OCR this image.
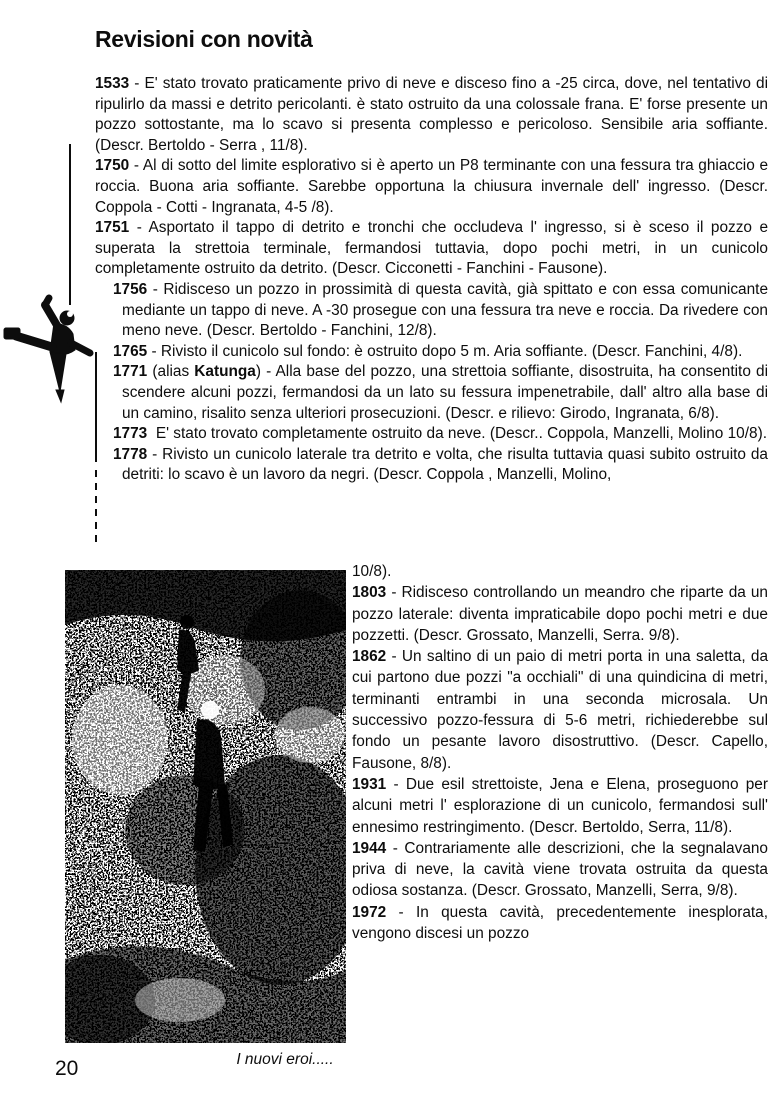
Revisioni con novità

1533 - E' stato trovato praticamente privo di neve e disceso fino a -25 circa, dove, nel tentativo di ripulirlo da massi e detrito pericolanti. è stato ostruito da una colossale frana. E' forse presente un pozzo sottostante, ma lo scavo si presenta complesso e pericoloso. Sensibile aria soffiante. (Descr. Bertoldo - Serra , 11/8).

1750 - Al di sotto del limite esplorativo si è aperto un P8 terminante con una fessura tra ghiaccio e roccia. Buona aria soffiante. Sarebbe opportuna la chiusura invernale dell' ingresso. (Descr. Coppola - Cotti - Ingranata, 4-5 /8).

1751 - Asportato il tappo di detrito e tronchi che occludeva l' ingresso, si è sceso il pozzo e superata la strettoia terminale, fermandosi tuttavia, dopo pochi metri, in un cunicolo completamente ostruito da detrito. (Descr. Cicconetti - Fanchini - Fausone).

1756 - Ridisceso un pozzo in prossimità di questa cavità, già spittato e con essa comunicante mediante un tappo di neve. A -30 prosegue con una fessura tra neve e roccia. Da rivedere con meno neve. (Descr. Bertoldo - Fanchini, 12/8).

1765 - Rivisto il cunicolo sul fondo: è ostruito dopo 5 m. Aria soffiante. (Descr. Fanchini, 4/8).

1771 (alias Katunga) - Alla base del pozzo, una strettoia soffiante, disostruita, ha consentito di scendere alcuni pozzi, fermandosi da un lato su fessura impenetrabile, dall' altro alla base di un camino, risalito senza ulteriori prosecuzioni. (Descr. e rilievo: Girodo, Ingranata, 6/8).

1773 E' stato trovato completamente ostruito da neve. (Descr.. Coppola, Manzelli, Molino 10/8).

1778 - Rivisto un cunicolo laterale tra detrito e volta, che risulta tuttavia quasi subito ostruito da detriti: lo scavo è un lavoro da negri. (Descr. Coppola , Manzelli, Molino,

10/8).

1803 - Ridisceso controllando un meandro che riparte da un pozzo laterale: diventa impraticabile dopo pochi metri e due pozzetti. (Descr. Grossato, Manzelli, Serra. 9/8).

1862 - Un saltino di un paio di metri porta in una saletta, da cui partono due pozzi "a occhiali" di una quindicina di metri, terminanti entrambi in una seconda microsala. Un successivo pozzo-fessura di 5-6 metri, richiederebbe sul fondo un pesante lavoro disostruttivo. (Descr. Capello, Fausone, 8/8).

1931 - Due esil strettoiste, Jena e Elena, proseguono per alcuni metri l' esplorazione di un cunicolo, fermandosi sull' ennesimo restringimento. (Descr. Bertoldo, Serra, 11/8).

1944 - Contrariamente alle descrizioni, che la segnalavano priva di neve, la cavità viene trovata ostruita da questa odiosa sostanza. (Descr. Grossato, Manzelli, Serra, 9/8).

1972 - In questa cavità, precedentemente inesplorata, vengono discesi un pozzo

I nuovi eroi.....
20
